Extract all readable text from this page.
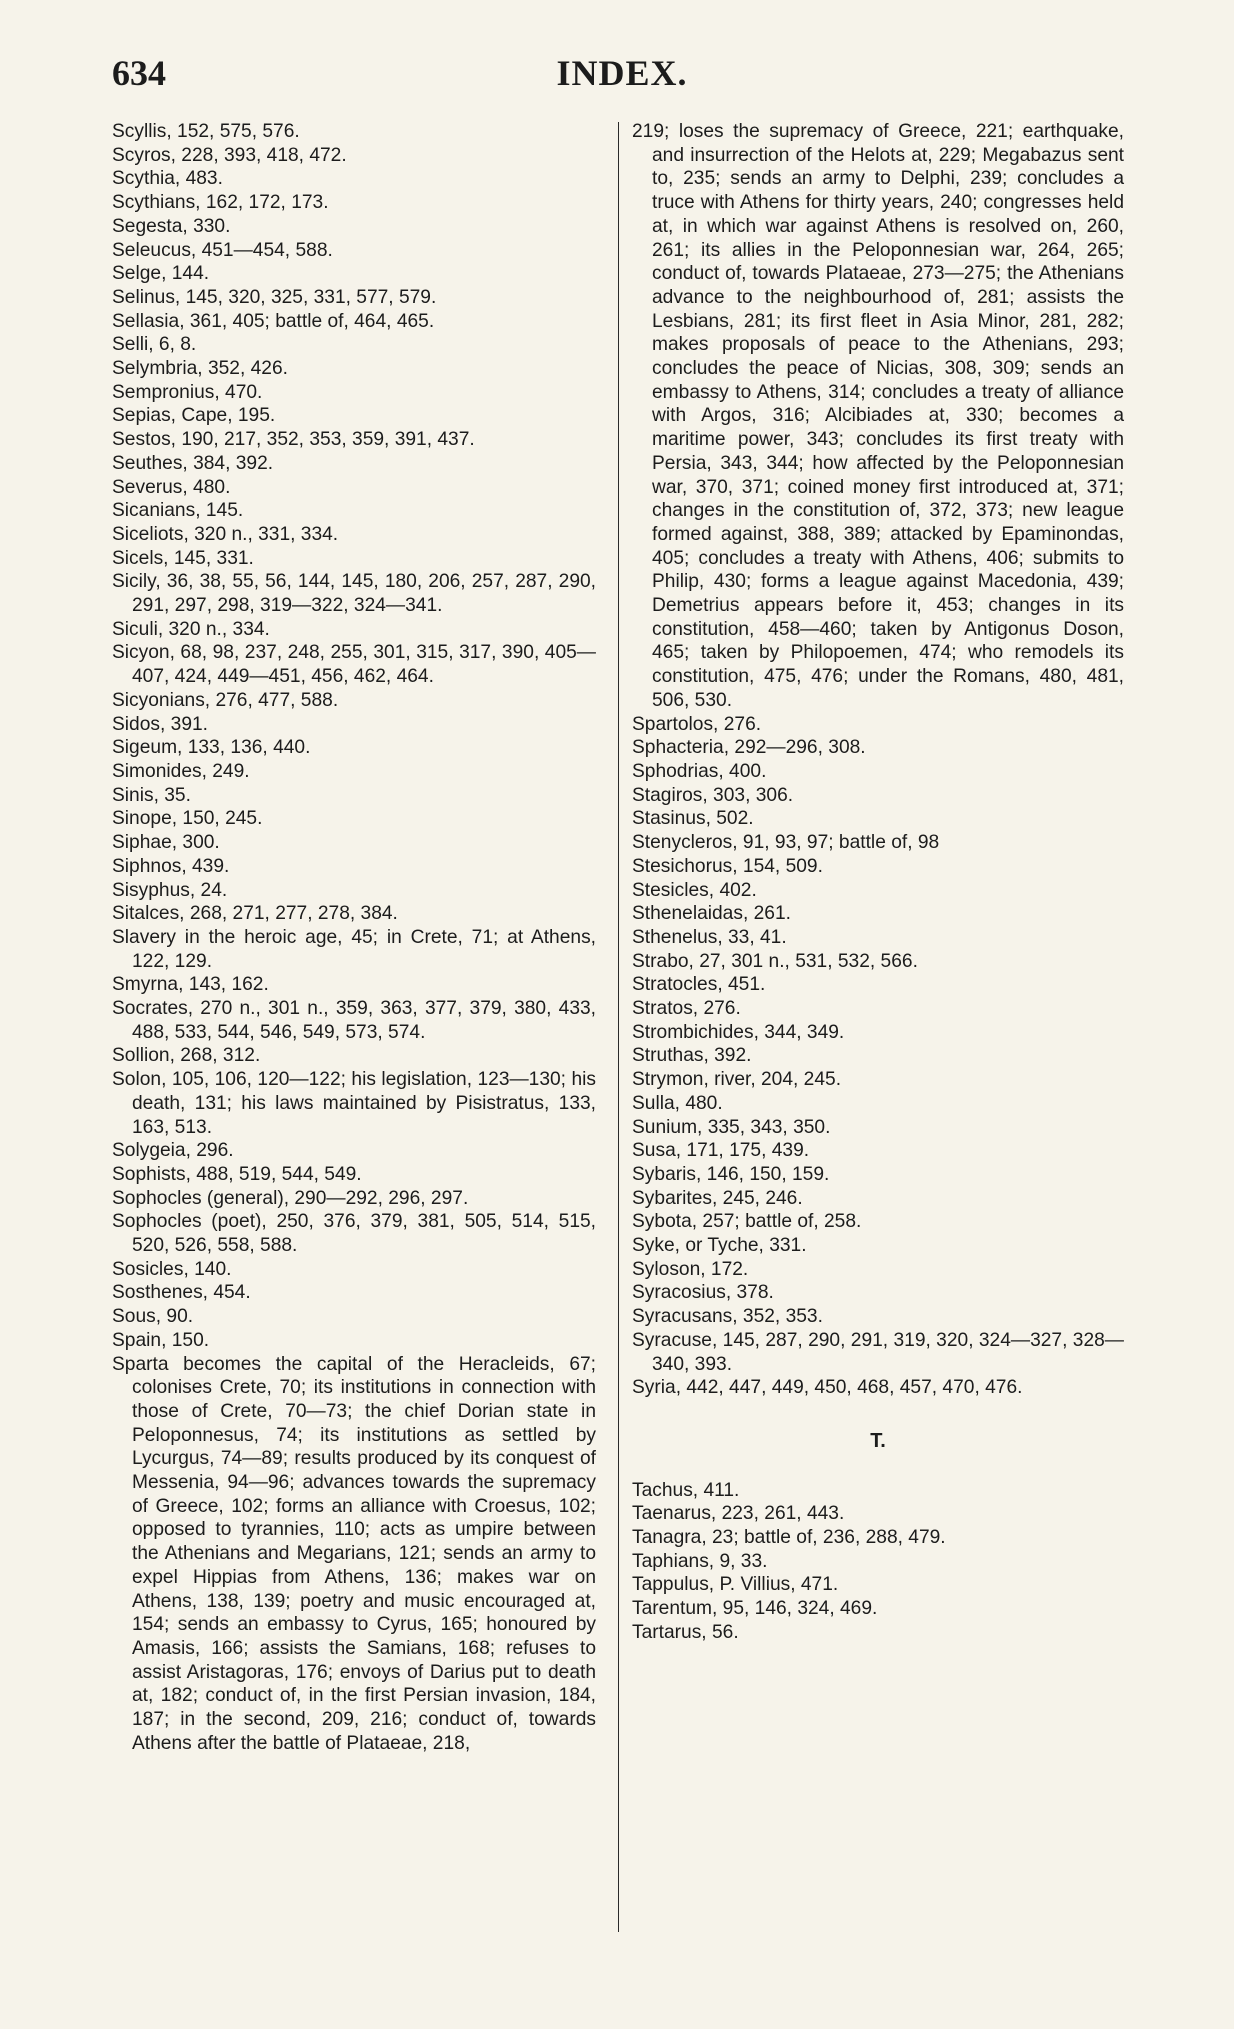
634	INDEX.

Scyllis, 152, 575, 576.

Scyros, 228, 393, 418, 472.

Scythia, 483.

Scythians, 162, 172, 173.

Segesta, 330.

Seleucus, 451—454, 588.

Selge, 144.

Selinus, 145, 320, 325, 331, 577, 579.

Sellasia, 361, 405; battle of, 464, 465.

Selli, 6, 8.

Selymbria, 352, 426.

Sempronius, 470.

Sepias, Cape, 195.

Sestos, 190, 217, 352, 353, 359, 391, 437.

Seuthes, 384, 392.

Severus, 480.

Sicanians, 145.

Siceliots, 320 n., 331, 334.

Sicels, 145, 331.

Sicily, 36, 38, 55, 56, 144, 145, 180, 206, 257, 287, 290, 291, 297, 298, 319—322, 324—341.

Siculi, 320 n., 334.

Sicyon, 68, 98, 237, 248, 255, 301, 315, 317, 390, 405—407, 424, 449—451, 456, 462, 464.

Sicyonians, 276, 477, 588.

Sidos, 391.

Sigeum, 133, 136, 440.

Simonides, 249.

Sinis, 35.

Sinope, 150, 245.

Siphae, 300.

Siphnos, 439.

Sisyphus, 24.

Sitalces, 268, 271, 277, 278, 384.

Slavery in the heroic age, 45; in Crete, 71; at Athens, 122, 129.

Smyrna, 143, 162.

Socrates, 270 n., 301 n., 359, 363, 377, 379, 380, 433, 488, 533, 544, 546, 549, 573, 574.

Sollion, 268, 312.

Solon, 105, 106, 120—122; his legislation, 123—130; his death, 131; his laws maintained by Pisistratus, 133, 163, 513.

Solygeia, 296.

Sophists, 488, 519, 544, 549.

Sophocles (general), 290—292, 296, 297.

Sophocles (poet), 250, 376, 379, 381, 505, 514, 515, 520, 526, 558, 588.

Sosicles, 140.

Sosthenes, 454.

Sous, 90.

Spain, 150.

Sparta becomes the capital of the Heracleids, 67; colonises Crete, 70; its institutions in connection with those of Crete, 70—73; the chief Dorian state in Peloponnesus, 74; its institutions as settled by Lycurgus, 74—89; results produced by its conquest of Messenia, 94—96; advances towards the supremacy of Greece, 102; forms an alliance with Croesus, 102; opposed to tyrannies, 110; acts as umpire between the Athenians and Megarians, 121; sends an army to expel Hippias from Athens, 136; makes war on Athens, 138, 139; poetry and music encouraged at, 154; sends an embassy to Cyrus, 165; honoured by Amasis, 166; assists the Samians, 168; refuses to assist Aristagoras, 176; envoys of Darius put to death at, 182; conduct of, in the first Persian invasion, 184, 187; in the second, 209, 216; conduct of, towards Athens after the battle of Plataeae, 218,

219; loses the supremacy of Greece, 221; earthquake, and insurrection of the Helots at, 229; Megabazus sent to, 235; sends an army to Delphi, 239; concludes a truce with Athens for thirty years, 240; congresses held at, in which war against Athens is resolved on, 260, 261; its allies in the Peloponnesian war, 264, 265; conduct of, towards Plataeae, 273—275; the Athenians advance to the neighbourhood of, 281; assists the Lesbians, 281; its first fleet in Asia Minor, 281, 282; makes proposals of peace to the Athenians, 293; concludes the peace of Nicias, 308, 309; sends an embassy to Athens, 314; concludes a treaty of alliance with Argos, 316; Alcibiades at, 330; becomes a maritime power, 343; concludes its first treaty with Persia, 343, 344; how affected by the Peloponnesian war, 370, 371; coined money first introduced at, 371; changes in the constitution of, 372, 373; new league formed against, 388, 389; attacked by Epaminondas, 405; concludes a treaty with Athens, 406; submits to Philip, 430; forms a league against Macedonia, 439; Demetrius appears before it, 453; changes in its constitution, 458—460; taken by Antigonus Doson, 465; taken by Philopoemen, 474; who remodels its constitution, 475, 476; under the Romans, 480, 481, 506, 530.

Spartolos, 276.

Sphacteria, 292—296, 308.

Sphodrias, 400.

Stagiros, 303, 306.

Stasinus, 502.

Stenycleros, 91, 93, 97; battle of, 98

Stesichorus, 154, 509.

Stesicles, 402.

Sthenelaidas, 261.

Sthenelus, 33, 41.

Strabo, 27, 301 n., 531, 532, 566.

Stratocles, 451.

Stratos, 276.

Strombichides, 344, 349.

Struthas, 392.

Strymon, river, 204, 245.

Sulla, 480.

Sunium, 335, 343, 350.

Susa, 171, 175, 439.

Sybaris, 146, 150, 159.

Sybarites, 245, 246.

Sybota, 257; battle of, 258.

Syke, or Tyche, 331.

Syloson, 172.

Syracosius, 378.

Syracusans, 352, 353.

Syracuse, 145, 287, 290, 291, 319, 320, 324—327, 328—340, 393.

Syria, 442, 447, 449, 450, 468, 457, 470, 476.

T.

Tachus, 411.

Taenarus, 223, 261, 443.

Tanagra, 23; battle of, 236, 288, 479.

Taphians, 9, 33.

Tappulus, P. Villius, 471.

Tarentum, 95, 146, 324, 469.

Tartarus, 56.
